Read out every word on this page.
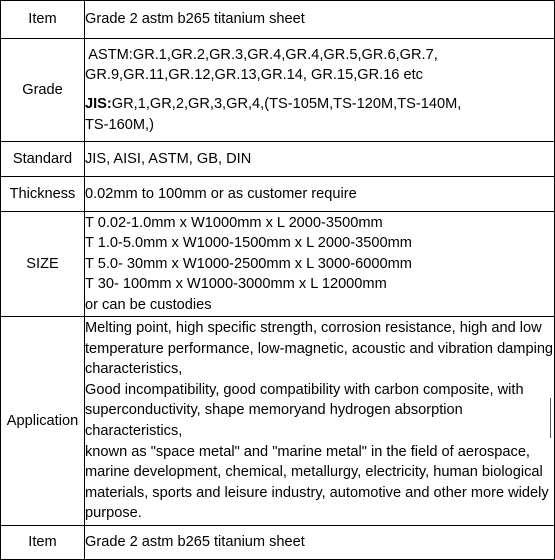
Item	Grade 2 astm b265 titanium sheet
Grade	ASTM:GR.1,GR.2,GR.3,GR.4,GR.4,GR.5,GR.6,GR.7,
GR.9,GR.11,GR.12,GR.13,GR.14, GR.15,GR.16 etc
JIS:GR,1,GR,2,GR,3,GR,4,(TS-105M,TS-120M,TS-140M,
TS-160M,)

Standard	JIS, AISI, ASTM, GB, DIN
Thickness	0.02mm to 100mm or as customer require
SIZE	T 0.02-1.0mm x W1000mm x L 2000-3500mm
T 1.0-5.0mm x W1000-1500mm x L 2000-3500mm
T 5.0- 30mm x W1000-2500mm x L 3000-6000mm
T 30- 100mm x W1000-3000mm x L 12000mm
or can be custodies

Application	Melting point, high specific strength, corrosion resistance, high and low temperature performance, low-magnetic, acoustic and vibration damping characteristics,
Good incompatibility, good compatibility with carbon composite, with superconductivity, shape memoryand hydrogen absorption characteristics,
known as "space metal" and "marine metal" in the field of aerospace, marine development, chemical, metallurgy, electricity, human biological materials, sports and leisure industry, automotive and other more widely purpose.

Item	Grade 2 astm b265 titanium sheet
